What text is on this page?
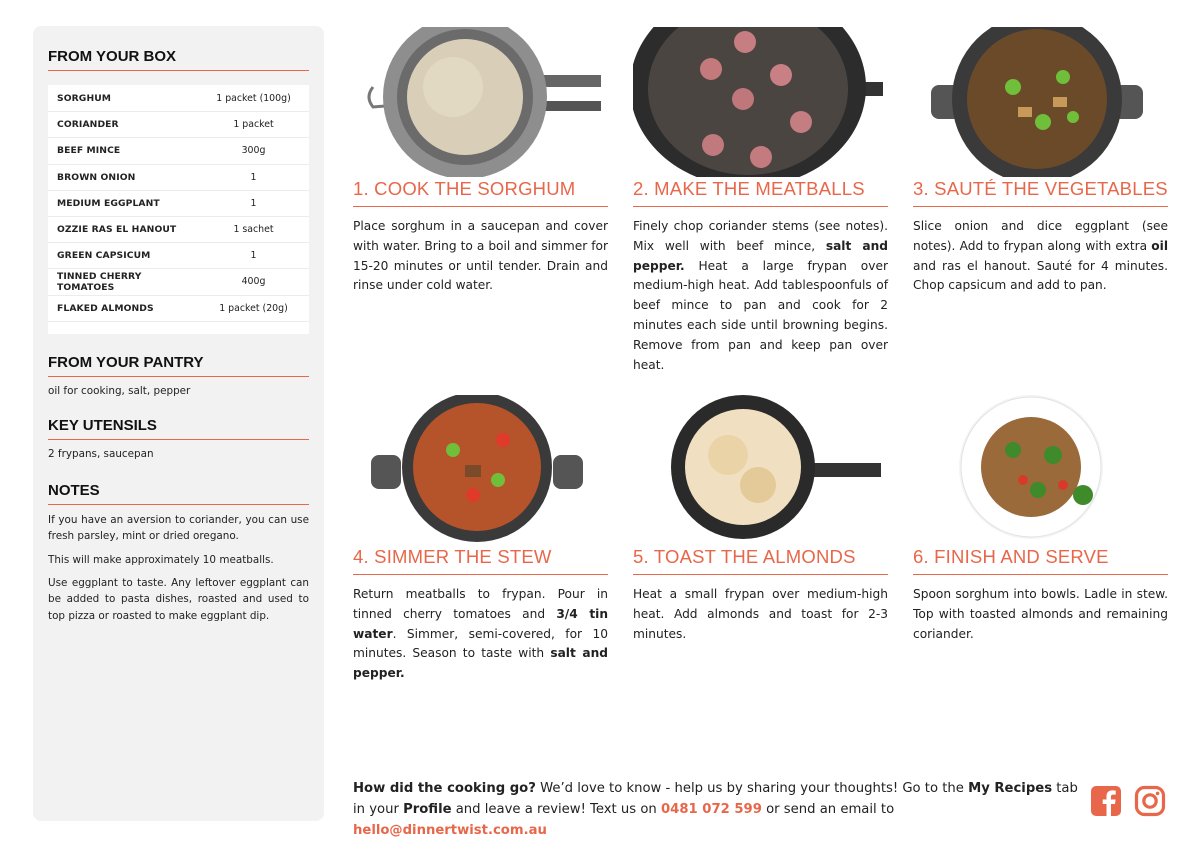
FROM YOUR BOX
SORGHUM	1 packet (100g)
CORIANDER	1 packet
BEEF MINCE	300g
BROWN ONION	1
MEDIUM EGGPLANT	1
OZZIE RAS EL HANOUT	1 sachet
GREEN CAPSICUM	1
TINNED CHERRY TOMATOES	400g
FLAKED ALMONDS	1 packet (20g)
FROM YOUR PANTRY
oil for cooking, salt, pepper
KEY UTENSILS
2 frypans, saucepan
NOTES

If you have an aversion to coriander, you can use fresh parsley, mint or dried oregano.

This will make approximately 10 meatballs.

Use eggplant to taste. Any leftover eggplant can be added to pasta dishes, roasted and used to top pizza or roasted to make eggplant dip.

1. COOK THE SORGHUM

Place sorghum in a saucepan and cover with water. Bring to a boil and simmer for 15-20 minutes or until tender. Drain and rinse under cold water.

2. MAKE THE MEATBALLS

Finely chop coriander stems (see notes). Mix well with beef mince, salt and pepper. Heat a large frypan over medium-high heat. Add tablespoonfuls of beef mince to pan and cook for 2 minutes each side until browning begins. Remove from pan and keep pan over heat.

3. SAUTÉ THE VEGETABLES

Slice onion and dice eggplant (see notes). Add to frypan along with extra oil and ras el hanout. Sauté for 4 minutes. Chop capsicum and add to pan.

4. SIMMER THE STEW

Return meatballs to frypan. Pour in tinned cherry tomatoes and 3/4 tin water. Simmer, semi-covered, for 10 minutes. Season to taste with salt and pepper.

5. TOAST THE ALMONDS

Heat a small frypan over medium-high heat. Add almonds and toast for 2-3 minutes.

6. FINISH AND SERVE

Spoon sorghum into bowls. Ladle in stew. Top with toasted almonds and remaining coriander.

How did the cooking go? We’d love to know - help us by sharing your thoughts! Go to the My Recipes tab in your Profile and leave a review! Text us on 0481 072 599 or send an email to hello@dinnertwist.com.au
